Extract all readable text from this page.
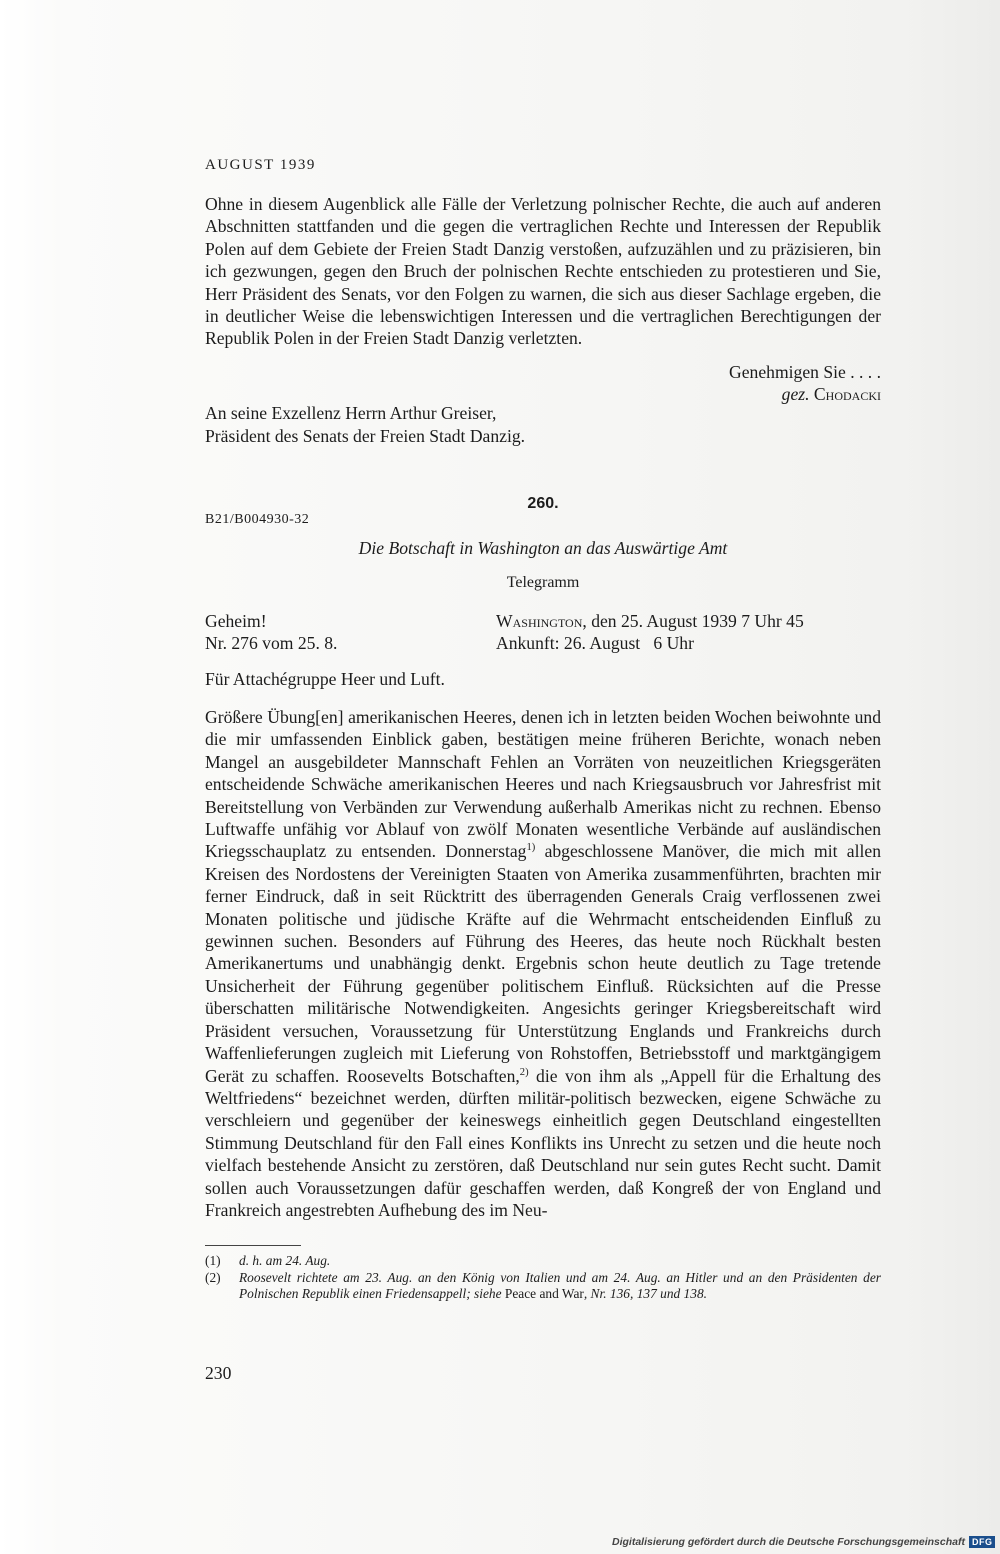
AUGUST 1939

Ohne in diesem Augenblick alle Fälle der Verletzung polnischer Rechte, die auch auf anderen Abschnitten stattfanden und die gegen die vertraglichen Rechte und Interessen der Republik Polen auf dem Gebiete der Freien Stadt Danzig verstoßen, aufzuzählen und zu präzisieren, bin ich gezwungen, gegen den Bruch der polnischen Rechte entschieden zu protestieren und Sie, Herr Präsident des Senats, vor den Folgen zu warnen, die sich aus dieser Sachlage ergeben, die in deutlicher Weise die lebenswichtigen Interessen und die vertraglichen Berechtigungen der Republik Polen in der Freien Stadt Danzig verletzten.

Genehmigen Sie . . . .
gez. Chodacki
An seine Exzellenz Herrn Arthur Greiser,
Präsident des Senats der Freien Stadt Danzig.
260.
B21/B004930-32
Die Botschaft in Washington an das Auswärtige Amt
Telegramm
Geheim!
Nr. 276 vom 25. 8.
Washington, den 25. August 1939 7 Uhr 45
Ankunft: 26. August   6 Uhr
Für Attachégruppe Heer und Luft.

Größere Übung[en] amerikanischen Heeres, denen ich in letzten beiden Wochen beiwohnte und die mir umfassenden Einblick gaben, bestätigen meine früheren Berichte, wonach neben Mangel an ausgebildeter Mannschaft Fehlen an Vorräten von neuzeitlichen Kriegsgeräten entscheidende Schwäche amerikanischen Heeres und nach Kriegsausbruch vor Jahresfrist mit Bereitstellung von Verbänden zur Verwendung außerhalb Amerikas nicht zu rechnen. Ebenso Luftwaffe unfähig vor Ablauf von zwölf Monaten wesentliche Verbände auf ausländischen Kriegsschauplatz zu entsenden. Donnerstag$^{1)}$ abgeschlossene Manöver, die mich mit allen Kreisen des Nordostens der Vereinigten Staaten von Amerika zusammenführten, brachten mir ferner Eindruck, daß in seit Rücktritt des überragenden Generals Craig verflossenen zwei Monaten politische und jüdische Kräfte auf die Wehrmacht entscheidenden Einfluß zu gewinnen suchen. Besonders auf Führung des Heeres, das heute noch Rückhalt besten Amerikanertums und unabhängig denkt. Ergebnis schon heute deutlich zu Tage tretende Unsicherheit der Führung gegenüber politischem Einfluß. Rücksichten auf die Presse überschatten militärische Notwendigkeiten. Angesichts geringer Kriegsbereitschaft wird Präsident versuchen, Voraussetzung für Unterstützung Englands und Frankreichs durch Waffenlieferungen zugleich mit Lieferung von Rohstoffen, Betriebsstoff und marktgängigem Gerät zu schaffen. Roosevelts Botschaften,$^{2)}$ die von ihm als „Appell für die Erhaltung des Weltfriedens“ bezeichnet werden, dürften militär-politisch bezwecken, eigene Schwäche zu verschleiern und gegenüber der keineswegs einheitlich gegen Deutschland eingestellten Stimmung Deutschland für den Fall eines Konflikts ins Unrecht zu setzen und die heute noch vielfach bestehende Ansicht zu zerstören, daß Deutschland nur sein gutes Recht sucht. Damit sollen auch Voraussetzungen dafür geschaffen werden, daß Kongreß der von England und Frankreich angestrebten Aufhebung des im Neu-

(1)	d. h. am 24. Aug.
(2)	Roosevelt richtete am 23. Aug. an den König von Italien und am 24. Aug. an Hitler und an den Präsidenten der Polnischen Republik einen Friedensappell; siehe Peace and War, Nr. 136, 137 und 138.
230
Digitalisierung gefördert durch die Deutsche Forschungsgemeinschaft DFG
